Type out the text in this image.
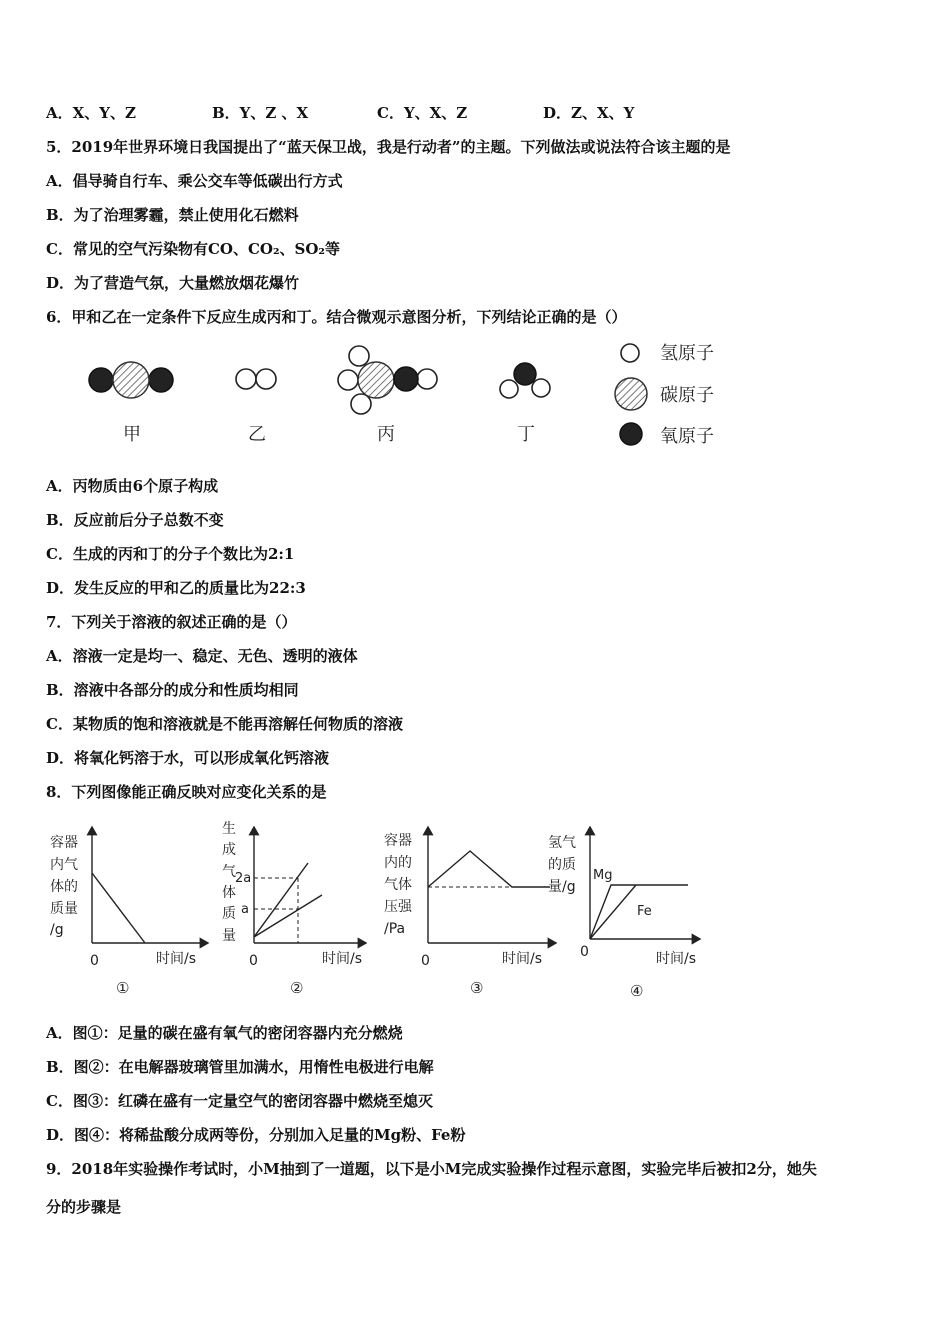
A．X、Y、Z	B．Y、Z 、X	C．Y、X、Z	D．Z、X、Y
5．2019年世界环境日我国提出了“蓝天保卫战，我是行动者”的主题。下列做法或说法符合该主题的是
A．倡导骑自行车、乘公交车等低碳出行方式
B．为了治理雾霾，禁止使用化石燃料
C．常见的空气污染物有CO、CO₂、SO₂等
D．为了营造气氛，大量燃放烟花爆竹
6．甲和乙在一定条件下反应生成丙和丁。结合微观示意图分析，下列结论正确的是（）
甲	乙	丙	丁
氢原子
碳原子
氧原子
A．丙物质由6个原子构成
B．反应前后分子总数不变
C．生成的丙和丁的分子个数比为2:1
D．发生反应的甲和乙的质量比为22:3
7．下列关于溶液的叙述正确的是（）
A．溶液一定是均一、稳定、无色、透明的液体
B．溶液中各部分的成分和性质均相同
C．某物质的饱和溶液就是不能再溶解任何物质的溶液
D．将氧化钙溶于水，可以形成氧化钙溶液
8．下列图像能正确反映对应变化关系的是
容器
内气
体的
质量
/g
0	时间/s
①
生
成
气
体
质
量
2a
a
0	时间/s
②
容器
内的
气体
压强
/Pa
0	时间/s
③
氢气
的质
量/g
Mg
Fe
0	时间/s
④
A．图①：足量的碳在盛有氧气的密闭容器内充分燃烧
B．图②：在电解器玻璃管里加满水，用惰性电极进行电解
C．图③：红磷在盛有一定量空气的密闭容器中燃烧至熄灭
D．图④：将稀盐酸分成两等份，分别加入足量的Mg粉、Fe粉
9．2018年实验操作考试时，小M抽到了一道题，以下是小M完成实验操作过程示意图，实验完毕后被扣2分，她失
分的步骤是
